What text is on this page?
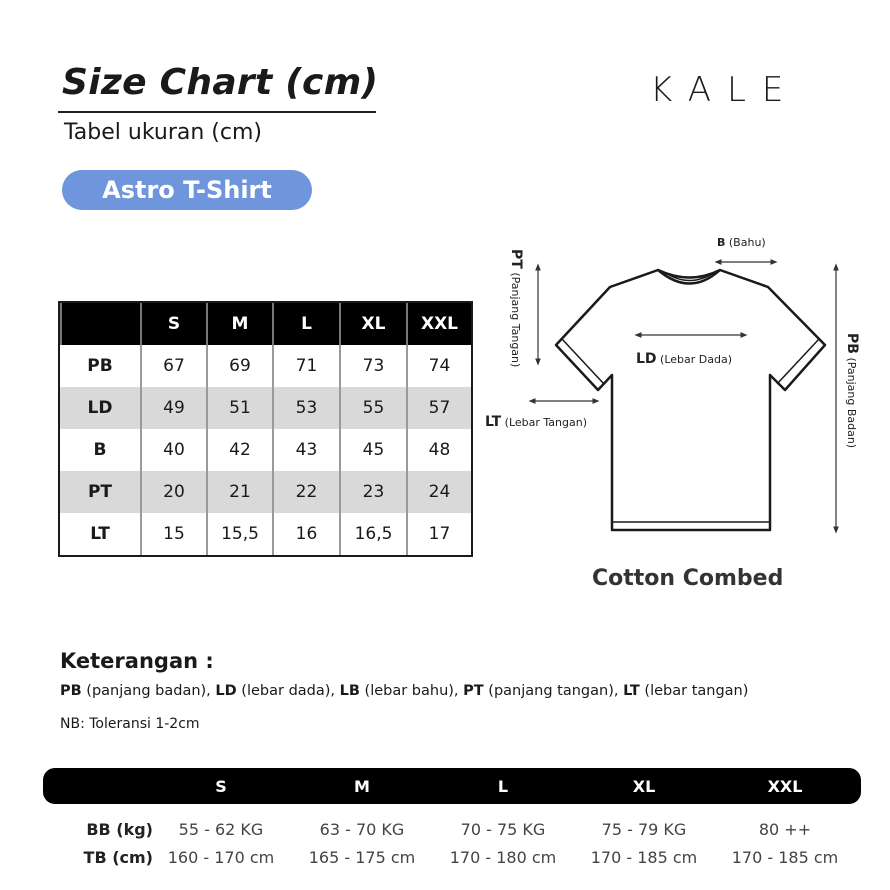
Size Chart (cm)
Tabel ukuran (cm)
KALE
Astro T-Shirt
S	M	L	XL	XXL
PB	67	69	71	73	74
LD	49	51	53	55	57
B	40	42	43	45	48
PT	20	21	22	23	24
LT	15	15,5	16	16,5	17
B (Bahu)
PT (Panjang Tangan)	LD (Lebar Dada)
LT (Lebar Tangan)
PB (Panjang Badan)
Cotton Combed
Keterangan :
PB (panjang badan), LD (lebar dada), LB (lebar bahu), PT (panjang tangan), LT (lebar tangan)
NB: Toleransi 1-2cm
S	M	L	XL	XXL
BB (kg)	55 - 62 KG	63 - 70 KG	70 - 75 KG	75 - 79 KG	80 ++
TB (cm) 160 - 170 cm	165 - 175 cm	170 - 180 cm	170 - 185 cm	170 - 185 cm
